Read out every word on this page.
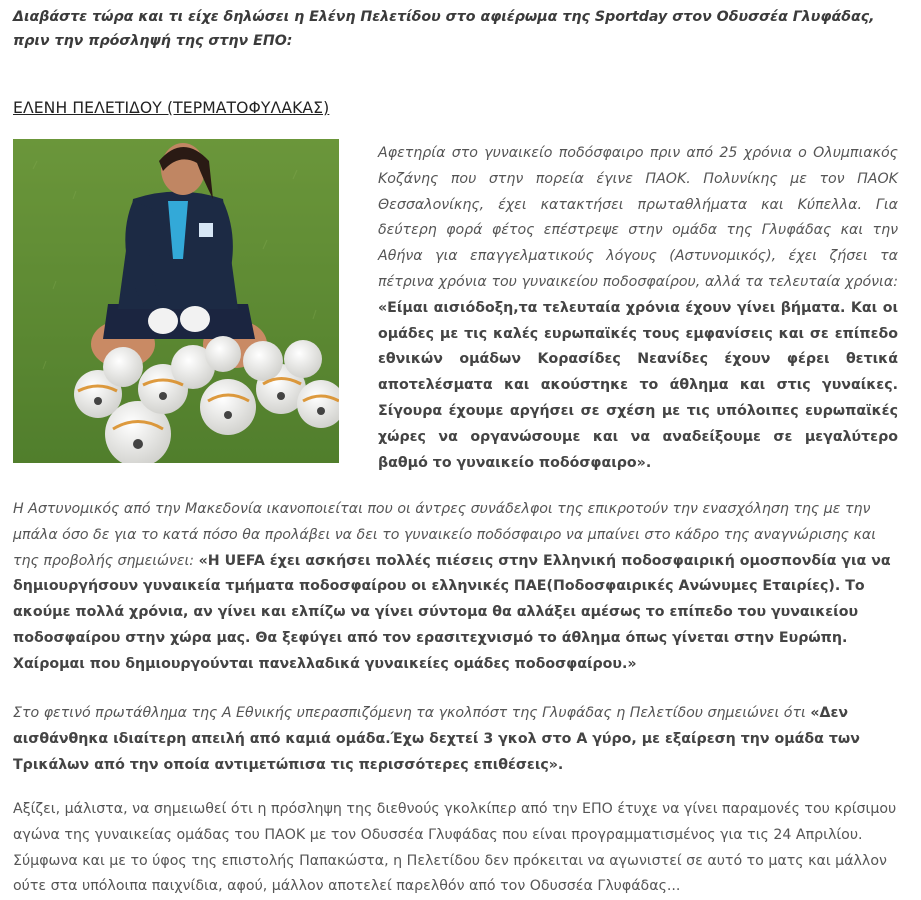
Διαβάστε τώρα και τι είχε δηλώσει η Ελένη Πελετίδου στο αφιέρωμα της Sportday στον Οδυσσέα Γλυφάδας,
πριν την πρόσληψή της στην ΕΠΟ:
ΕΛΕΝΗ ΠΕΛΕΤΙΔΟΥ (ΤΕΡΜΑΤΟΦΥΛΑΚΑΣ)
Αφετηρία στο γυναικείο ποδόσφαιρο πριν από 25 χρόνια ο Ολυμπιακός Κοζάνης που στην πορεία έγινε ΠΑΟΚ. Πολυνίκης με τον ΠΑΟΚ Θεσσαλονίκης, έχει κατακτήσει πρωταθλήματα και Κύπελλα. Για δεύτερη φορά φέτος επέστρεψε στην ομάδα της Γλυφάδας και την Αθήνα για επαγγελματικούς λόγους (Αστυνομικός), έχει ζήσει τα πέτρινα χρόνια του γυναικείου ποδοσφαίρου, αλλά τα τελευταία χρόνια: «Είμαι αισιόδοξη,τα τελευταία χρόνια έχουν γίνει βήματα. Και οι ομάδες με τις καλές ευρωπαϊκές τους εμφανίσεις και σε επίπεδο εθνικών ομάδων Κορασίδες Νεανίδες έχουν φέρει θετικά αποτελέσματα και ακούστηκε το άθλημα και στις γυναίκες. Σίγουρα έχουμε αργήσει σε σχέση με τις υπόλοιπες ευρωπαϊκές χώρες να οργανώσουμε και να αναδείξουμε σε μεγαλύτερο βαθμό το γυναικείο ποδόσφαιρο».
Η Αστυνομικός από την Μακεδονία ικανοποιείται που οι άντρες συνάδελφοι της επικροτούν την ενασχόληση της με την μπάλα όσο δε για το κατά πόσο θα προλάβει να δει το γυναικείο ποδόσφαιρο να μπαίνει στο κάδρο της αναγνώρισης και της προβολής σημειώνει: «Η UEFA έχει ασκήσει πολλές πιέσεις στην Ελληνική ποδοσφαιρική ομοσπονδία για να δημιουργήσουν γυναικεία τμήματα ποδοσφαίρου οι ελληνικές ΠΑΕ(Ποδοσφαιρικές Ανώνυμες Εταιρίες). Το ακούμε πολλά χρόνια, αν γίνει και ελπίζω να γίνει σύντομα θα αλλάξει αμέσως το επίπεδο του γυναικείου ποδοσφαίρου στην χώρα μας. Θα ξεφύγει από τον ερασιτεχνισμό το άθλημα όπως γίνεται στην Ευρώπη. Χαίρομαι που δημιουργούνται πανελλαδικά γυναικείες ομάδες ποδοσφαίρου.»
Στο φετινό πρωτάθλημα της Α Εθνικής υπερασπιζόμενη τα γκολπόστ της Γλυφάδας η Πελετίδου σημειώνει ότι «Δεν αισθάνθηκα ιδιαίτερη απειλή από καμιά ομάδα.Έχω δεχτεί 3 γκολ στο Α γύρο, με εξαίρεση την ομάδα των Τρικάλων από την οποία αντιμετώπισα τις περισσότερες επιθέσεις».
Αξίζει, μάλιστα, να σημειωθεί ότι η πρόσληψη της διεθνούς γκολκίπερ από την ΕΠΟ έτυχε να γίνει παραμονές του κρίσιμου αγώνα της γυναικείας ομάδας του ΠΑΟΚ με τον Οδυσσέα Γλυφάδας που είναι προγραμματισμένος για τις 24 Απριλίου. Σύμφωνα και με το ύφος της επιστολής Παπακώστα, η Πελετίδου δεν πρόκειται να αγωνιστεί σε αυτό το ματς και μάλλον ούτε στα υπόλοιπα παιχνίδια, αφού, μάλλον αποτελεί παρελθόν από τον Οδυσσέα Γλυφάδας...
